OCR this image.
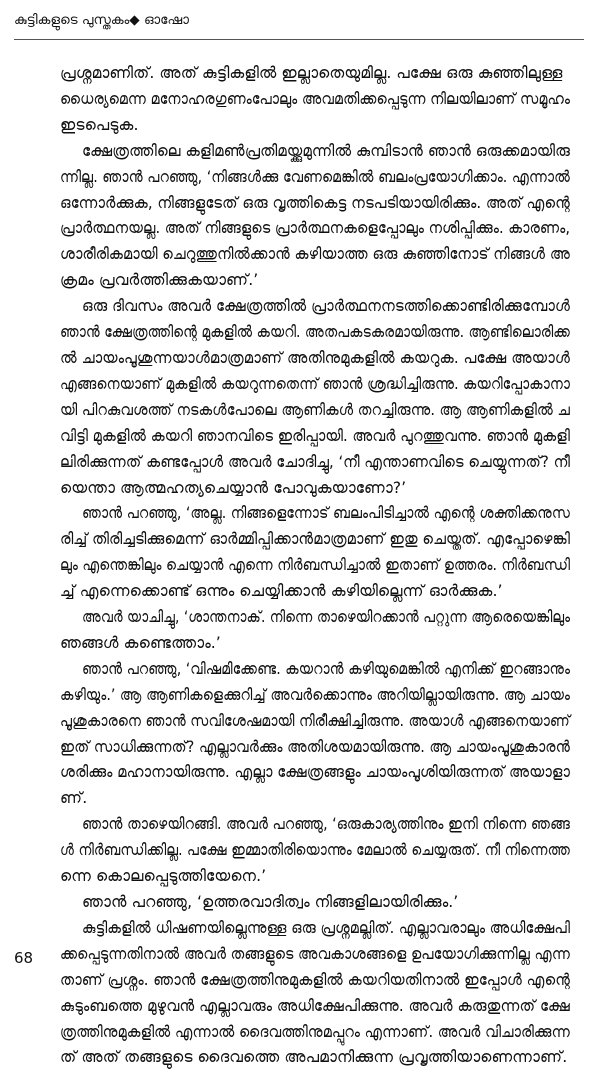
കുട്ടികളുടെ പുസ്തകം◆ ഓഷോ

പ്രശ്നമാണിത്. അത് കുട്ടികളിൽ ഇല്ലാതെയുമില്ല. പക്ഷേ ഒരു കുഞ്ഞിലുള്ള
ധൈര്യമെന്ന മനോഹരഗുണംപോലും അവമതിക്കപ്പെടുന്ന നിലയിലാണ് സമൂഹം
ഇടപെടുക.

ക്ഷേത്രത്തിലെ കളിമൺപ്രതിമയ്ക്കുമുന്നിൽ കുമ്പിടാൻ ഞാൻ ഒരുക്കമായിരു
ന്നില്ല. ഞാൻ പറഞ്ഞു, ‘നിങ്ങൾക്കു വേണമെങ്കിൽ ബലംപ്രയോഗിക്കാം. എന്നാൽ
ഒന്നോർക്കുക, നിങ്ങളുടേത് ഒരു വൃത്തികെട്ട നടപടിയായിരിക്കും. അത് എന്റെ
പ്രാർത്ഥനയല്ല. അത് നിങ്ങളുടെ പ്രാർത്ഥനകളെപ്പോലും നശിപ്പിക്കും. കാരണം,
ശാരീരികമായി ചെറുത്തുനിൽക്കാൻ കഴിയാത്ത ഒരു കുഞ്ഞിനോട് നിങ്ങൾ അ
ക്രമം പ്രവർത്തിക്കുകയാണ്.’

ഒരു ദിവസം അവർ ക്ഷേത്രത്തിൽ പ്രാർത്ഥനനടത്തിക്കൊണ്ടിരിക്കുമ്പോൾ
ഞാൻ ക്ഷേത്രത്തിന്റെ മുകളിൽ കയറി. അതപകടകരമായിരുന്നു. ആണ്ടിലൊരിക്ക
ൽ ചായംപൂശുന്നയാൾമാത്രമാണ് അതിനുമുകളിൽ കയറുക. പക്ഷേ അയാൾ
എങ്ങനെയാണ് മുകളിൽ കയറുന്നതെന്ന് ഞാൻ ശ്രദ്ധിച്ചിരുന്നു. കയറിപ്പോകാനാ
യി പിറകുവശത്ത് നടകൾപോലെ ആണികൾ തറച്ചിരുന്നു. ആ ആണികളിൽ ച
വിട്ടി മുകളിൽ കയറി ഞാനവിടെ ഇരിപ്പായി. അവർ പുറത്തുവന്നു. ഞാൻ മുകളി
ലിരിക്കുന്നത് കണ്ടപ്പോൾ അവർ ചോദിച്ചു, ‘നീ എന്താണവിടെ ചെയ്യുന്നത്? നീ
യെന്താ ആത്മഹത്യചെയ്യാൻ പോവുകയാണോ?’

ഞാൻ പറഞ്ഞു, ‘അല്ല. നിങ്ങളെന്നോട് ബലംപിടിച്ചാൽ എന്റെ ശക്തിക്കനുസ
രിച്ച് തിരിച്ചടിക്കുമെന്ന് ഓർമ്മിപ്പിക്കാൻമാത്രമാണ് ഇതു ചെയ്തത്. എപ്പോഴെങ്കി
ലും എന്തെങ്കിലും ചെയ്യാൻ എന്നെ നിർബന്ധിച്ചാൽ ഇതാണ് ഉത്തരം. നിർബന്ധി
ച്ച് എന്നെക്കൊണ്ട് ഒന്നും ചെയ്യിക്കാൻ കഴിയില്ലെന്ന് ഓർക്കുക.’

അവർ യാചിച്ചു, ‘ശാന്തനാക്. നിന്നെ താഴെയിറക്കാൻ പറ്റുന്ന ആരെയെങ്കിലും
ഞങ്ങൾ കണ്ടെത്താം.’

ഞാൻ പറഞ്ഞു, ‘വിഷമിക്കേണ്ട. കയറാൻ കഴിയുമെങ്കിൽ എനിക്ക് ഇറങ്ങാനും
കഴിയും.’ ആ ആണികളെക്കുറിച്ച് അവർക്കൊന്നും അറിയില്ലായിരുന്നു. ആ ചായം
പൂശുകാരനെ ഞാൻ സവിശേഷമായി നിരീക്ഷിച്ചിരുന്നു. അയാൾ എങ്ങനെയാണ്
ഇത് സാധിക്കുന്നത്? എല്ലാവർക്കും അതിശയമായിരുന്നു. ആ ചായംപൂശുകാരൻ
ശരിക്കും മഹാനായിരുന്നു. എല്ലാ ക്ഷേത്രങ്ങളും ചായംപൂശിയിരുന്നത് അയാളാ
ണ്.

ഞാൻ താഴെയിറങ്ങി. അവർ പറഞ്ഞു, ‘ഒരുകാര്യത്തിനും ഇനി നിന്നെ ഞങ്ങ
ൾ നിർബന്ധിക്കില്ല. പക്ഷേ ഇമ്മാതിരിയൊന്നും മേലാൽ ചെയ്യരുത്. നീ നിന്നെത്ത
ന്നെ കൊലപ്പെടുത്തിയേനെ.’

ഞാൻ പറഞ്ഞു, ‘ഉത്തരവാദിത്വം നിങ്ങളിലായിരിക്കും.’

കുട്ടികളിൽ ധിഷണയില്ലെന്നുള്ള ഒരു പ്രശ്നമല്ലിത്. എല്ലാവരാലും അധിക്ഷേപി
ക്കപ്പെടുന്നതിനാൽ അവർ തങ്ങളുടെ അവകാശങ്ങളെ ഉപയോഗിക്കുന്നില്ല എന്ന
താണ് പ്രശ്നം. ഞാൻ ക്ഷേത്രത്തിനുമുകളിൽ കയറിയതിനാൽ ഇപ്പോൾ എന്റെ
കുടുംബത്തെ മുഴുവൻ എല്ലാവരും അധിക്ഷേപിക്കുന്നു. അവർ കരുതുന്നത് ക്ഷേ
ത്രത്തിനുമുകളിൽ എന്നാൽ ദൈവത്തിനുമപ്പുറം എന്നാണ്. അവർ വിചാരിക്കുന്ന
ത് അത് തങ്ങളുടെ ദൈവത്തെ അപമാനിക്കുന്ന പ്രവൃത്തിയാണെന്നാണ്.

68
